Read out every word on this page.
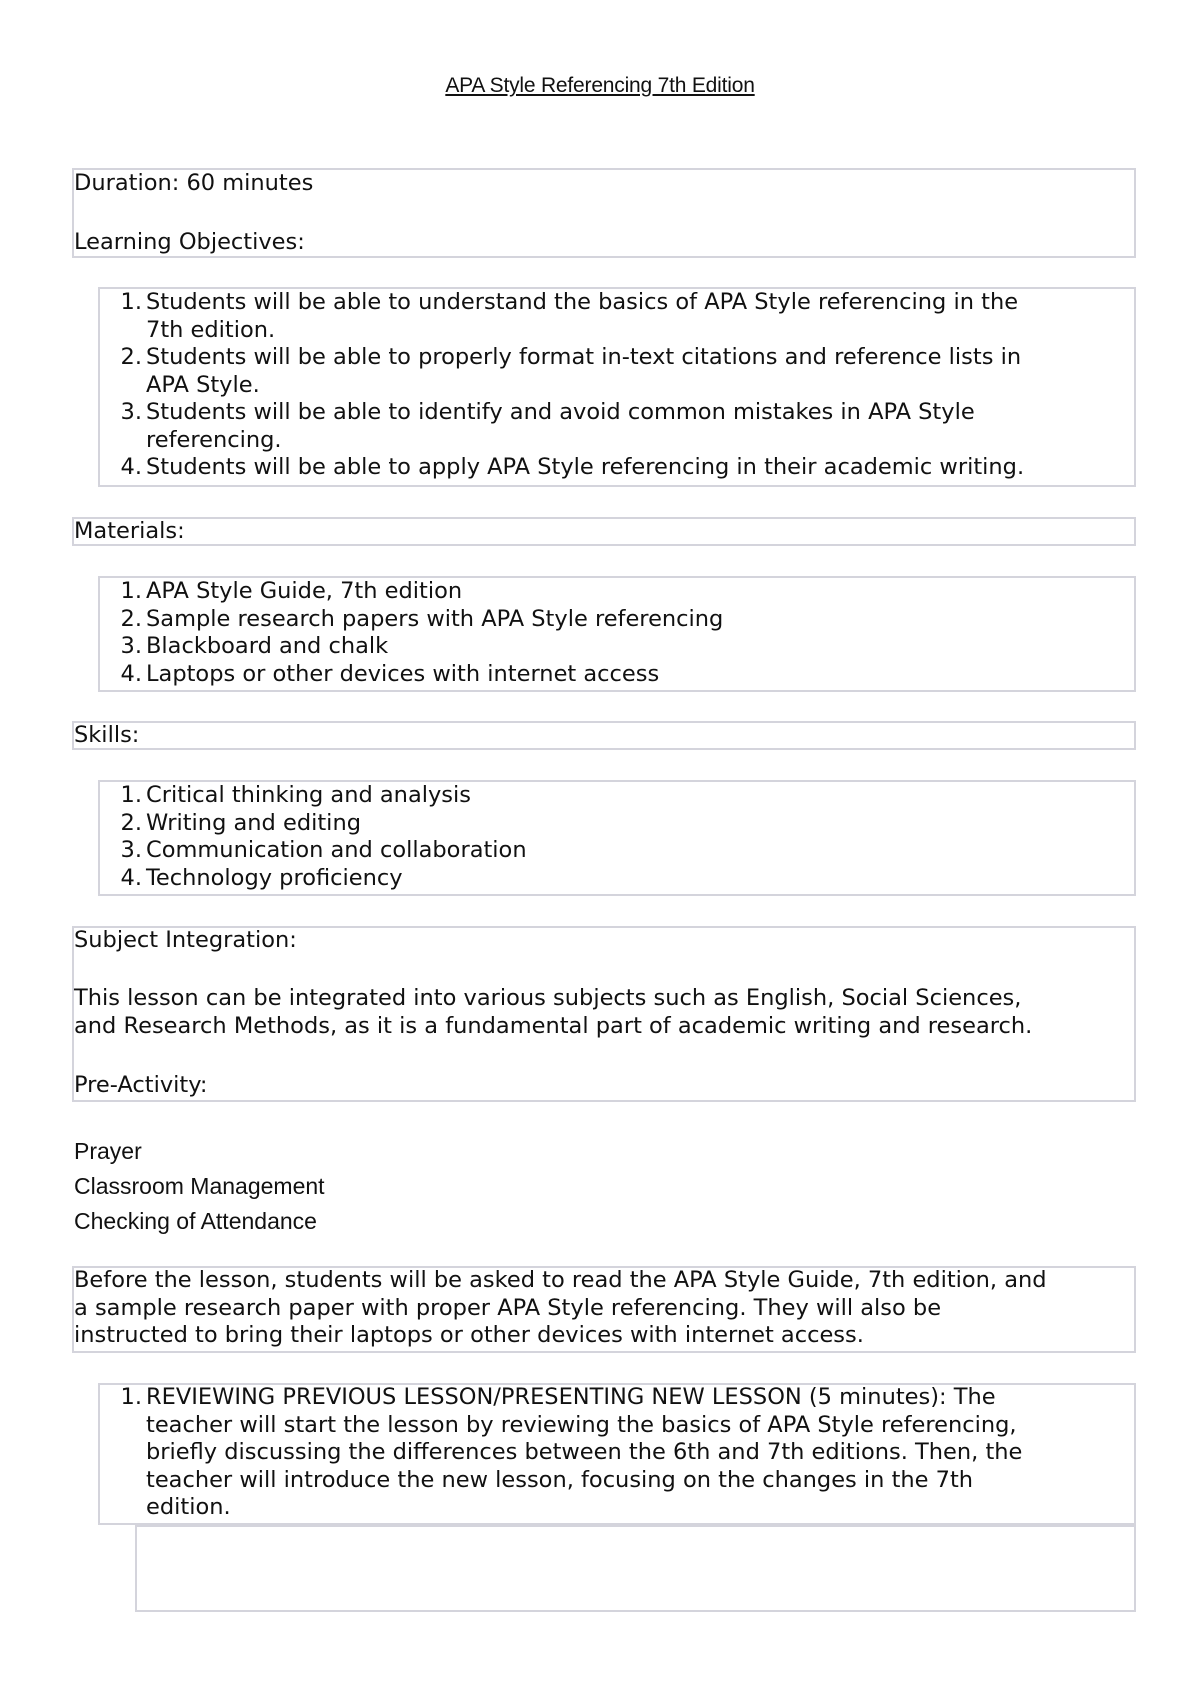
APA Style Referencing 7th Edition
Duration: 60 minutes
Learning Objectives:
1. Students will be able to understand the basics of APA Style referencing in the
7th edition.
2. Students will be able to properly format in-text citations and reference lists in
APA Style.
3. Students will be able to identify and avoid common mistakes in APA Style
referencing.
4. Students will be able to apply APA Style referencing in their academic writing.
Materials:
1. APA Style Guide, 7th edition
2. Sample research papers with APA Style referencing
3. Blackboard and chalk
4. Laptops or other devices with internet access
Skills:
1. Critical thinking and analysis
2. Writing and editing
3. Communication and collaboration
4. Technology proficiency
Subject Integration:
This lesson can be integrated into various subjects such as English, Social Sciences,
and Research Methods, as it is a fundamental part of academic writing and research.
Pre-Activity:
Prayer
Classroom Management
Checking of Attendance
Before the lesson, students will be asked to read the APA Style Guide, 7th edition, and
a sample research paper with proper APA Style referencing. They will also be
instructed to bring their laptops or other devices with internet access.
1. REVIEWING PREVIOUS LESSON/PRESENTING NEW LESSON (5 minutes): The
teacher will start the lesson by reviewing the basics of APA Style referencing,
briefly discussing the differences between the 6th and 7th editions. Then, the
teacher will introduce the new lesson, focusing on the changes in the 7th
edition.
